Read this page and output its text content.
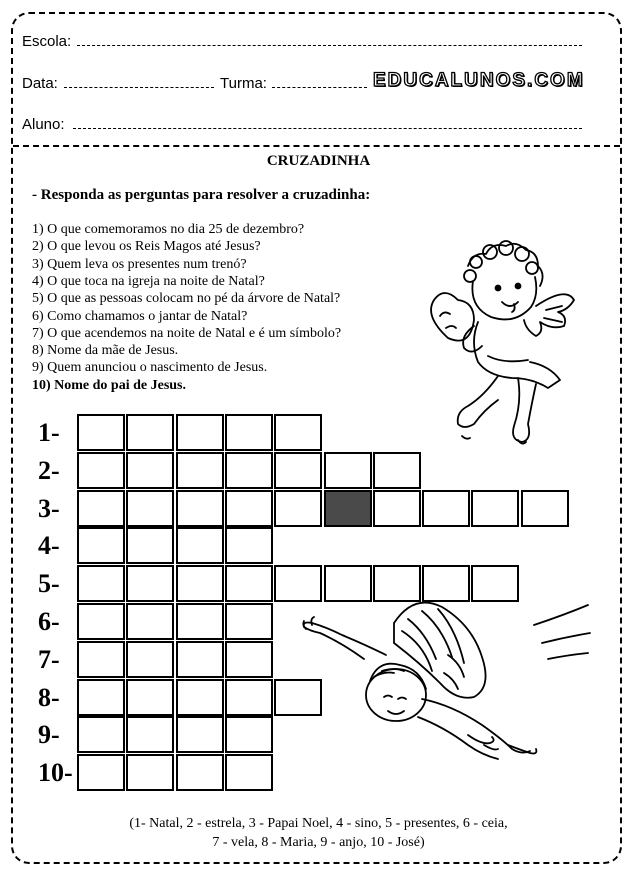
Escola:
Data:	Turma:	EDUCALUNOS.COM
Aluno:
CRUZADINHA
- Responda as perguntas para resolver a cruzadinha:
1) O que comemoramos no dia 25 de dezembro?
2) O que levou os Reis Magos até Jesus?
3) Quem leva os presentes num trenó?
4) O que toca na igreja na noite de Natal?
5) O que as pessoas colocam no pé da árvore de Natal?
6) Como chamamos o jantar de Natal?
7) O que acendemos na noite de Natal e é um símbolo?
8) Nome da mãe de Jesus.
9) Quem anunciou o nascimento de Jesus.
10) Nome do pai de Jesus.
1-
2-
3-
4-
5-
6-
7-
8-
9-
10-
(1- Natal, 2 - estrela, 3 - Papai Noel, 4 - sino, 5 - presentes, 6 - ceia,
7 - vela, 8 - Maria, 9 - anjo, 10 - José)
